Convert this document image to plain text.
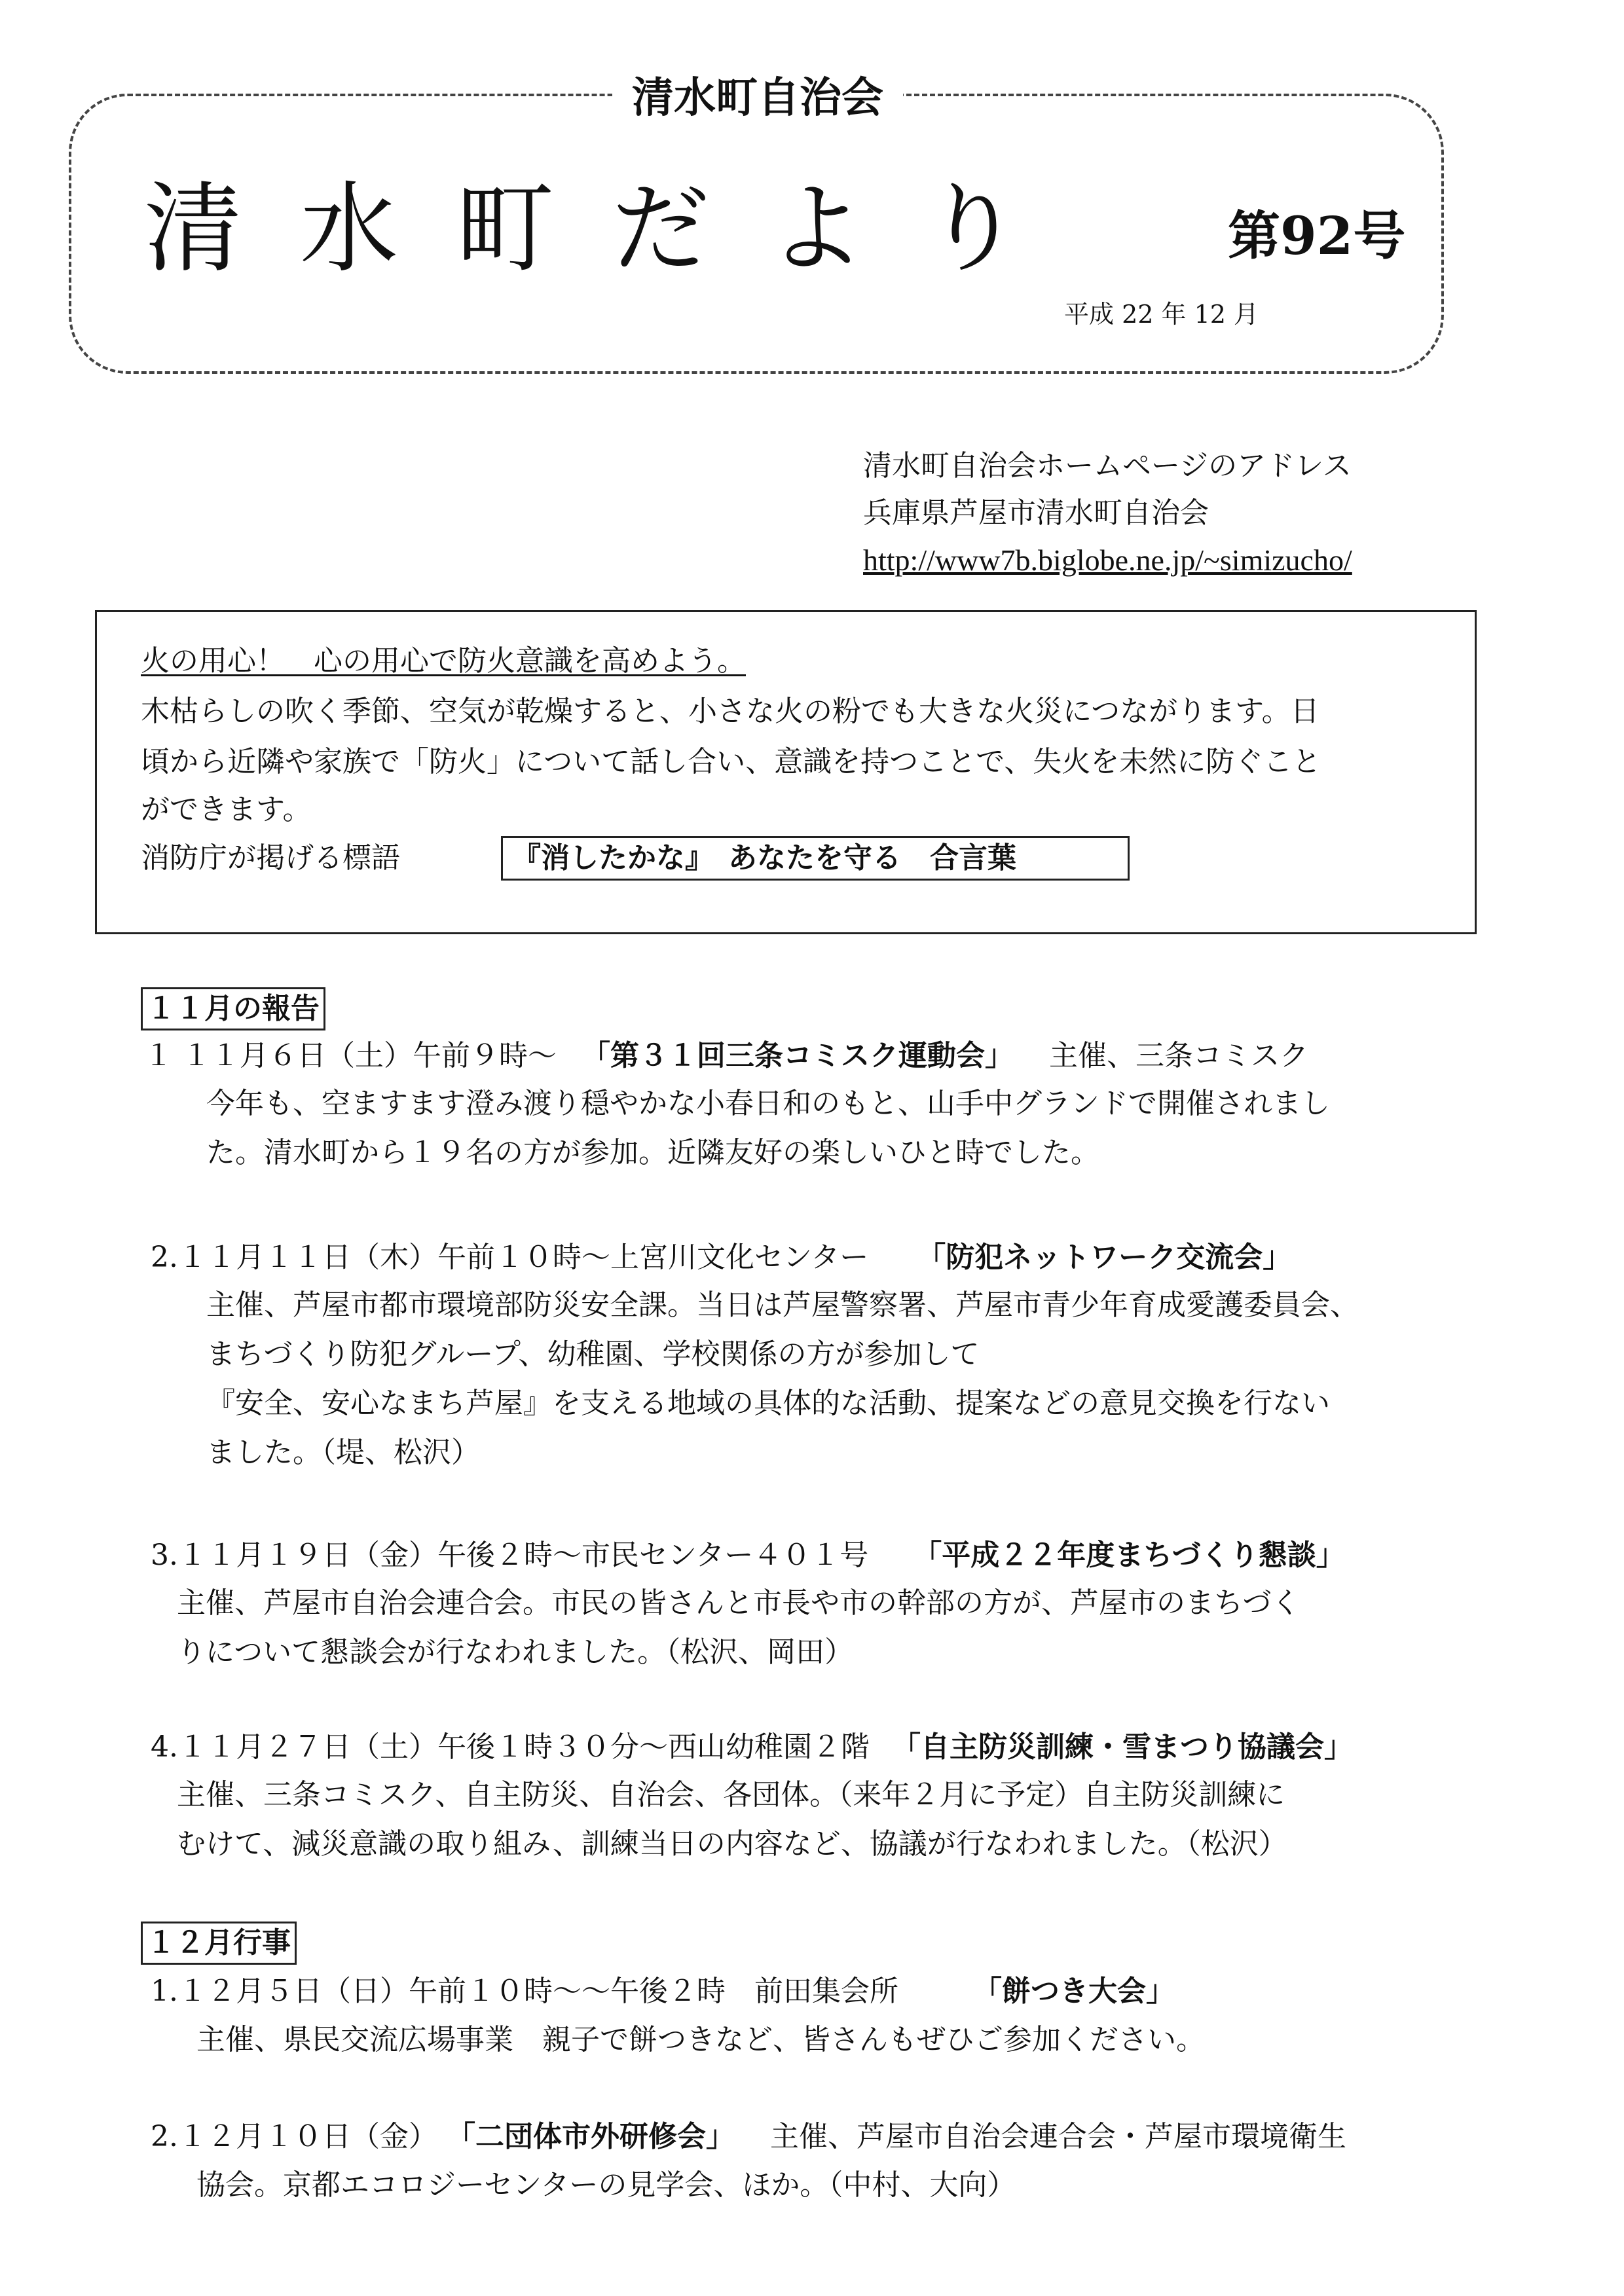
清水町自治会
清水町だより	第92号
平成 22 年 12 月
清水町自治会ホームページのアドレス
兵庫県芦屋市清水町自治会
http://www7b.biglobe.ne.jp/~simizucho/
火の用心！　心の用心で防火意識を高めよう。
木枯らしの吹く季節、空気が乾燥すると、小さな火の粉でも大きな火災につながります。日
頃から近隣や家族で「防火」について話し合い、意識を持つことで、失火を未然に防ぐこと
ができます。
消防庁が掲げる標語	『消したかな』　あなたを守る　合言葉
１１月の報告
１ １１月６日（土）午前９時～ 「第３１回三条コミスク運動会」 主催、三条コミスク
今年も、空ますます澄み渡り穏やかな小春日和のもと、山手中グランドで開催されまし
た。清水町から１９名の方が参加。近隣友好の楽しいひと時でした。
2.１１月１１日（木）午前１０時～上宮川文化センター 「防犯ネットワーク交流会」
主催、芦屋市都市環境部防災安全課。当日は芦屋警察署、芦屋市青少年育成愛護委員会、
まちづくり防犯グループ、幼稚園、学校関係の方が参加して
『安全、安心なまち芦屋』を支える地域の具体的な活動、提案などの意見交換を行ない
ました。（堤、松沢）
3.１１月１９日（金）午後２時～市民センター４０１号 「平成２２年度まちづくり懇談」
主催、芦屋市自治会連合会。市民の皆さんと市長や市の幹部の方が、芦屋市のまちづく
りについて懇談会が行なわれました。（松沢、岡田）
4.１１月２７日（土）午後１時３０分～西山幼稚園２階 「自主防災訓練・雪まつり協議会」
主催、三条コミスク、自主防災、自治会、各団体。（来年２月に予定）自主防災訓練に
むけて、減災意識の取り組み、訓練当日の内容など、協議が行なわれました。（松沢）
１２月行事
1.１２月５日（日）午前１０時～～午後２時　前田集会所	「餅つき大会」
主催、県民交流広場事業　親子で餅つきなど、皆さんもぜひご参加ください。
2.１２月１０日（金） 「二団体市外研修会」 主催、芦屋市自治会連合会・芦屋市環境衛生
協会。京都エコロジーセンターの見学会、ほか。（中村、大向）
